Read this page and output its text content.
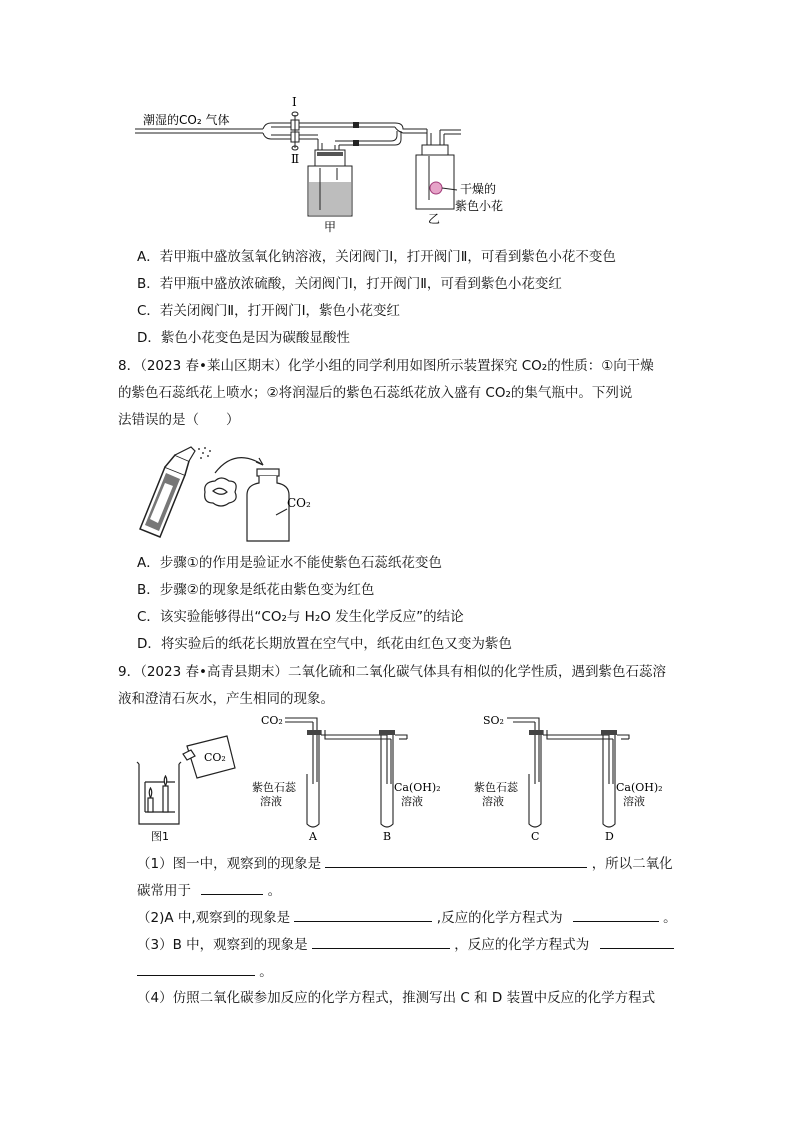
潮湿的CO₂ 气体
Ⅰ
Ⅱ
甲
乙
干燥的
紫色小花
A．若甲瓶中盛放氢氧化钠溶液，关闭阀门Ⅰ，打开阀门Ⅱ，可看到紫色小花不变色
B．若甲瓶中盛放浓硫酸，关闭阀门Ⅰ，打开阀门Ⅱ，可看到紫色小花变红
C．若关闭阀门Ⅱ，打开阀门Ⅰ，紫色小花变红
D．紫色小花变色是因为碳酸显酸性
8．（2023 春•莱山区期末）化学小组的同学利用如图所示装置探究 CO₂的性质：①向干燥
的紫色石蕊纸花上喷水；②将润湿后的紫色石蕊纸花放入盛有 CO₂的集气瓶中。下列说
法错误的是（　　）
CO₂
A．步骤①的作用是验证水不能使紫色石蕊纸花变色
B．步骤②的现象是纸花由紫色变为红色
C．该实验能够得出“CO₂与 H₂O 发生化学反应”的结论
D．将实验后的纸花长期放置在空气中，纸花由红色又变为紫色
9．（2023 春•高青县期末）二氧化硫和二氧化碳气体具有相似的化学性质，遇到紫色石蕊溶
液和澄清石灰水，产生相同的现象。
CO₂
图1
CO₂
紫色石蕊
溶液
Ca(OH)₂
溶液
A	B
SO₂
紫色石蕊
溶液
Ca(OH)₂
溶液
C	D
（1）图一中，观察到的现象是	，所以二氧化
碳常用于	。
（2)A 中,观察到的现象是	,反应的化学方程式为	。
（3）B 中，观察到的现象是	，反应的化学方程式为
。
（4）仿照二氧化碳参加反应的化学方程式，推测写出 C 和 D 装置中反应的化学方程式
